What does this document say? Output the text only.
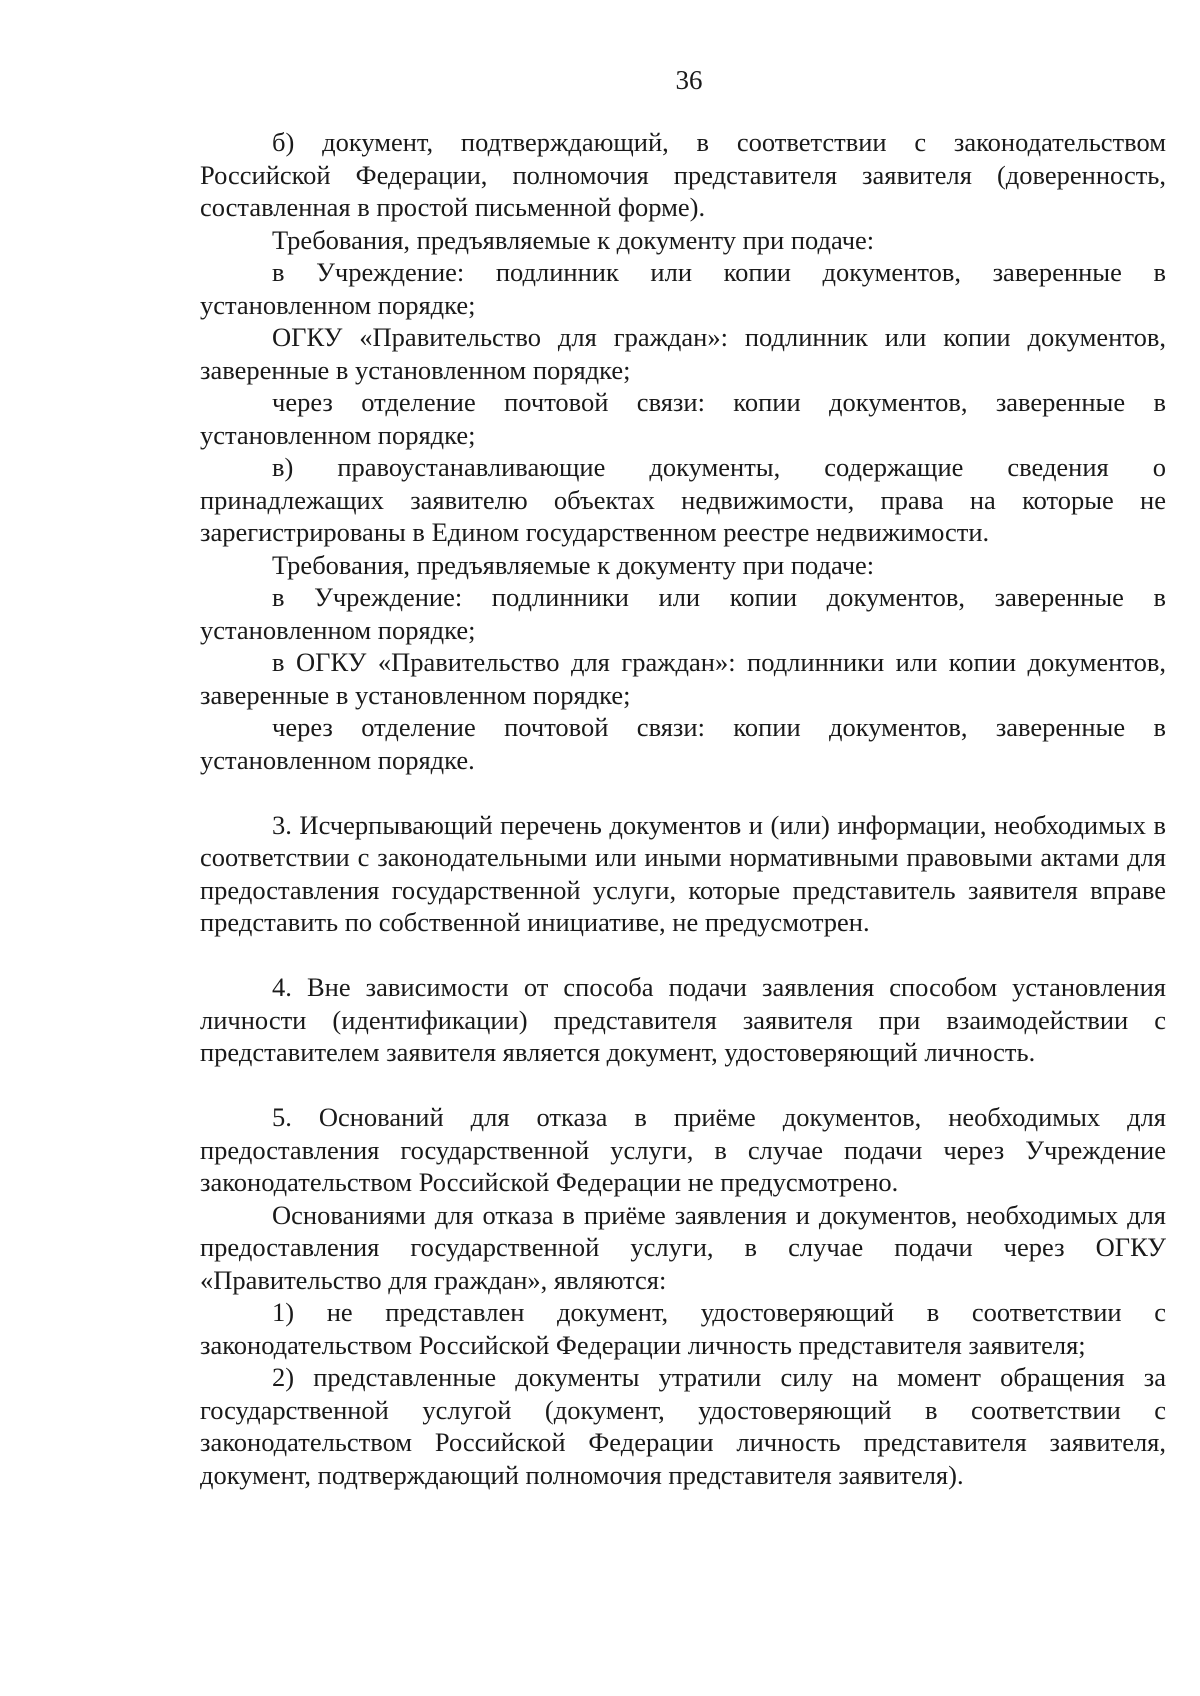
36

б) документ, подтверждающий, в соответствии с законодательством Российской Федерации, полномочия представителя заявителя (доверенность, составленная в простой письменной форме).

Требования, предъявляемые к документу при подаче:

в Учреждение: подлинник или копии документов, заверенные в установленном порядке;

ОГКУ «Правительство для граждан»: подлинник или копии документов, заверенные в установленном порядке;

через отделение почтовой связи: копии документов, заверенные в установленном порядке;

в) правоустанавливающие документы, содержащие сведения о принадлежащих заявителю объектах недвижимости, права на которые не зарегистрированы в Едином государственном реестре недвижимости.

Требования, предъявляемые к документу при подаче:

в Учреждение: подлинники или копии документов, заверенные в установленном порядке;

в ОГКУ «Правительство для граждан»: подлинники или копии документов, заверенные в установленном порядке;

через отделение почтовой связи: копии документов, заверенные в установленном порядке.

3. Исчерпывающий перечень документов и (или) информации, необходимых в соответствии с законодательными или иными нормативными правовыми актами для предоставления государственной услуги, которые представитель заявителя вправе представить по собственной инициативе, не предусмотрен.

4. Вне зависимости от способа подачи заявления способом установления личности (идентификации) представителя заявителя при взаимодействии с представителем заявителя является документ, удостоверяющий личность.

5. Оснований для отказа в приёме документов, необходимых для предоставления государственной услуги, в случае подачи через Учреждение законодательством Российской Федерации не предусмотрено.

Основаниями для отказа в приёме заявления и документов, необходимых для предоставления государственной услуги, в случае подачи через ОГКУ «Правительство для граждан», являются:

1) не представлен документ, удостоверяющий в соответствии с законодательством Российской Федерации личность представителя заявителя;

2) представленные документы утратили силу на момент обращения за государственной услугой (документ, удостоверяющий в соответствии с законодательством Российской Федерации личность представителя заявителя, документ, подтверждающий полномочия представителя заявителя).
